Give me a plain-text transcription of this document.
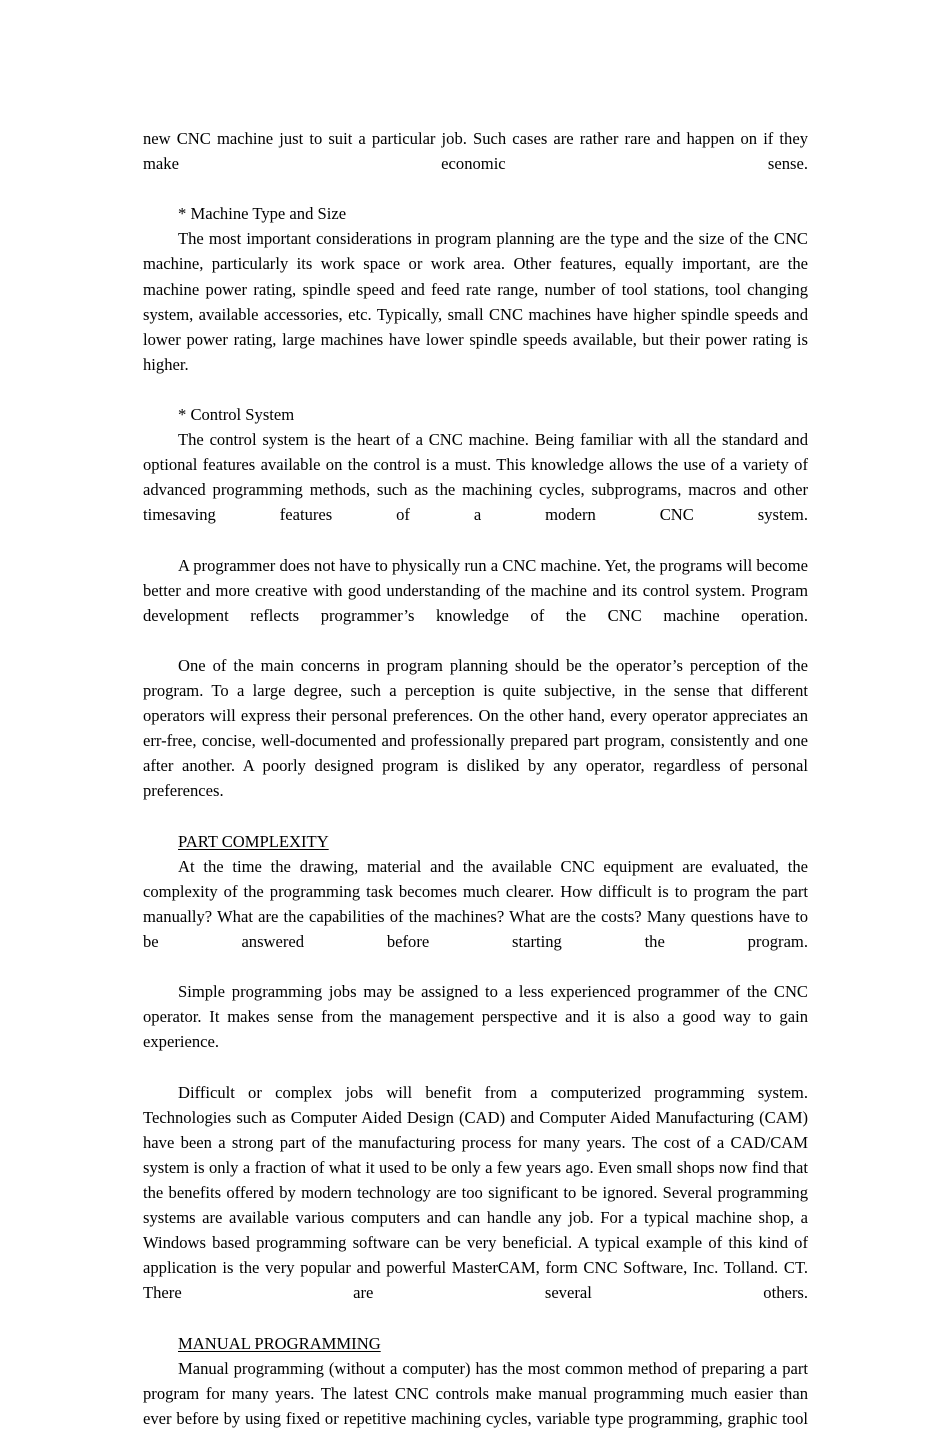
new CNC machine just to suit a particular job. Such cases are rather rare and happen on if they make economic sense.

* Machine Type and Size

The most important considerations in program planning are the type and the size of the CNC machine, particularly its work space or work area. Other features, equally important, are the machine power rating, spindle speed and feed rate range, number of tool stations, tool changing system, available accessories, etc. Typically, small CNC machines have higher spindle speeds and lower power rating, large machines have lower spindle speeds available, but their power rating is higher.

* Control System

The control system is the heart of a CNC machine. Being familiar with all the standard and optional features available on the control is a must. This knowledge allows the use of a variety of advanced programming methods, such as the machining cycles, subprograms, macros and other timesaving features of a modern CNC system.

A programmer does not have to physically run a CNC machine. Yet, the programs will become better and more creative with good understanding of the machine and its control system. Program development reflects programmer’s knowledge of the CNC machine operation.

One of the main concerns in program planning should be the operator’s perception of the program. To a large degree, such a perception is quite subjective, in the sense that different operators will express their personal preferences. On the other hand, every operator appreciates an err-free, concise, well-documented and professionally prepared part program, consistently and one after another. A poorly designed program is disliked by any operator, regardless of personal preferences.

PART COMPLEXITY

At the time the drawing, material and the available CNC equipment are evaluated, the complexity of the programming task becomes much clearer. How difficult is to program the part manually? What are the capabilities of the machines? What are the costs? Many questions have to be answered before starting the program.

Simple programming jobs may be assigned to a less experienced programmer of the CNC operator. It makes sense from the management perspective and it is also a good way to gain experience.

Difficult or complex jobs will benefit from a computerized programming system. Technologies such as Computer Aided Design (CAD) and Computer Aided Manufacturing (CAM) have been a strong part of the manufacturing process for many years. The cost of a CAD/CAM system is only a fraction of what it used to be only a few years ago. Even small shops now find that the benefits offered by modern technology are too significant to be ignored. Several programming systems are available various computers and can handle any job. For a typical machine shop, a Windows based programming software can be very beneficial. A typical example of this kind of application is the very popular and powerful MasterCAM, form CNC Software, Inc. Tolland. CT. There are several others.

MANUAL PROGRAMMING

Manual programming (without a computer) has the most common method of preparing a part program for many years. The latest CNC controls make manual programming much easier than ever before by using fixed or repetitive machining cycles, variable type programming, graphic tool
